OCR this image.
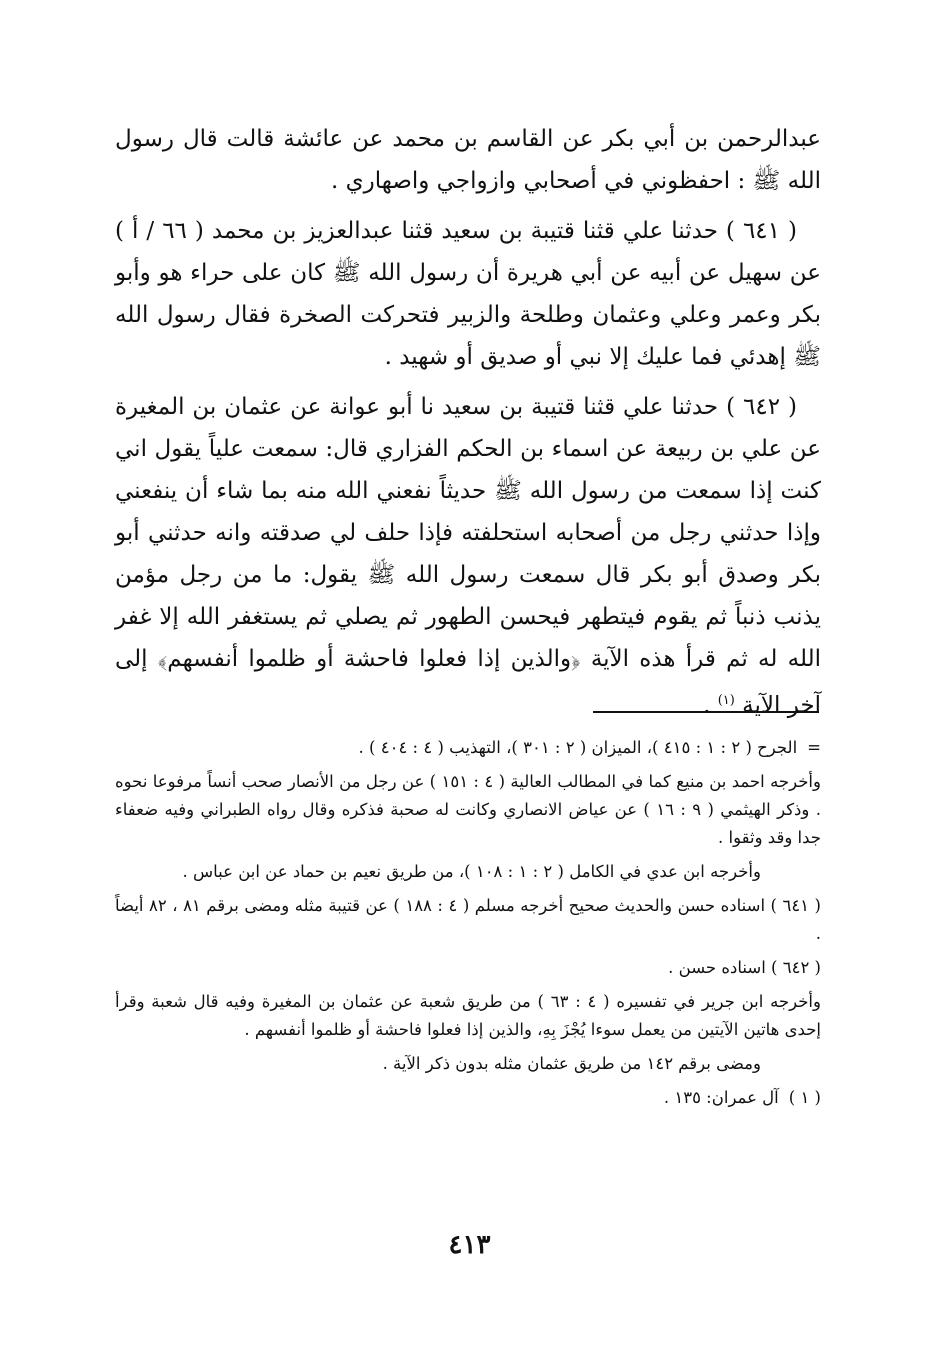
عبدالرحمن بن أبي بكر عن القاسم بن محمد عن عائشة قالت قال رسول الله ﷺ : احفظوني في أصحابي وازواجي واصهاري .

( ٦٤١ ) حدثنا علي قثنا قتيبة بن سعيد قثنا عبدالعزيز بن محمد ( ٦٦ / أ ) عن سهيل عن أبيه عن أبي هريرة أن رسول الله ﷺ كان على حراء هو وأبو بكر وعمر وعلي وعثمان وطلحة والزبير فتحركت الصخرة فقال رسول الله ﷺ إهدئي فما عليك إلا نبي أو صديق أو شهيد .

( ٦٤٢ ) حدثنا علي قثنا قتيبة بن سعيد نا أبو عوانة عن عثمان بن المغيرة عن علي بن ربيعة عن اسماء بن الحكم الفزاري قال: سمعت علياً يقول اني كنت إذا سمعت من رسول الله ﷺ حديثاً نفعني الله منه بما شاء أن ينفعني وإذا حدثني رجل من أصحابه استحلفته فإذا حلف لي صدقته وانه حدثني أبو بكر وصدق أبو بكر قال سمعت رسول الله ﷺ يقول: ما من رجل مؤمن يذنب ذنباً ثم يقوم فيتطهر فيحسن الطهور ثم يصلي ثم يستغفر الله إلا غفر الله له ثم قرأ هذه الآية ﴿والذين إذا فعلوا فاحشة أو ظلموا أنفسهم﴾ إلى آخر الآية $^{(١)}$ .

=
الجرح ( ٢ : ١ : ٤١٥ )، الميزان ( ٢ : ٣٠١ )، التهذيب ( ٤ : ٤٠٤ ) .

وأخرجه احمد بن منيع كما في المطالب العالية ( ٤ : ١٥١ ) عن رجل من الأنصار صحب أنساً مرفوعا نحوه . وذكر الهيثمي ( ٩ : ١٦ ) عن عياض الانصاري وكانت له صحبة فذكره وقال رواه الطبراني وفيه ضعفاء جدا وقد وثقوا .

وأخرجه ابن عدي في الكامل ( ٢ : ١ : ١٠٨ )، من طريق نعيم بن حماد عن ابن عباس .

( ٦٤١ ) اسناده حسن والحديث صحيح أخرجه مسلم ( ٤ : ١٨٨ ) عن قتيبة مثله ومضى برقم ٨١ ، ٨٢ أيضاً .

( ٦٤٢ ) اسناده حسن .

وأخرجه ابن جرير في تفسيره ( ٤ : ٦٣ ) من طريق شعبة عن عثمان بن المغيرة وفيه قال شعبة وقرأ إحدى هاتين الآيتين من يعمل سوءا يُجْزَ بِهِ، والذين إذا فعلوا فاحشة أو ظلموا أنفسهم .

ومضى برقم ١٤٢ من طريق عثمان مثله بدون ذكر الآية .

( ١ )
آل عمران: ١٣٥ .

٤١٣
